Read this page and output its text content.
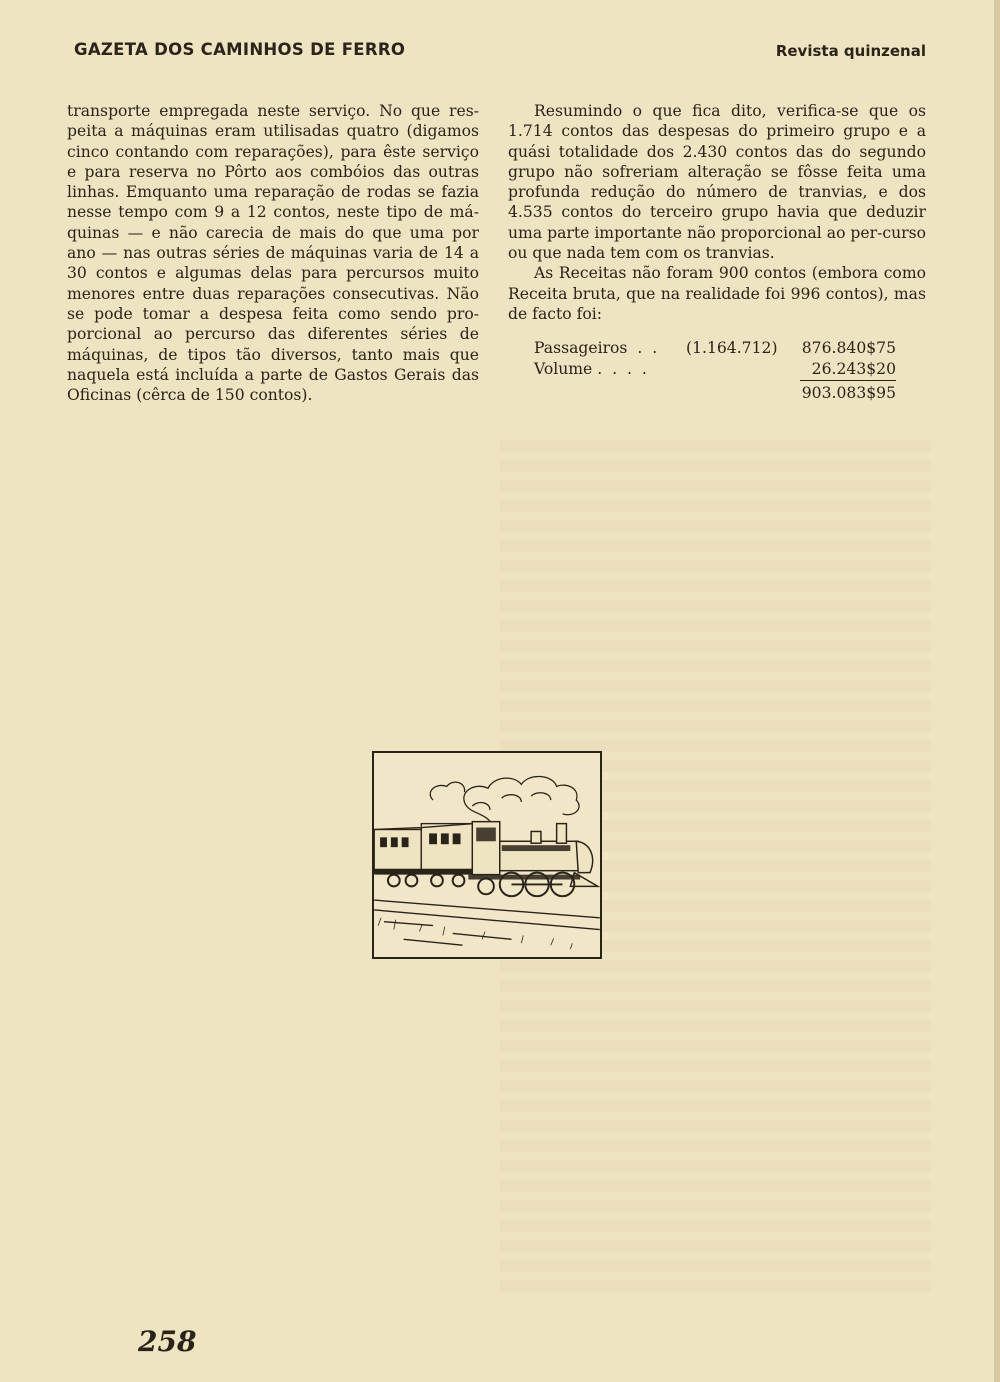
GAZETA DOS CAMINHOS DE FERRO	Revista quinzenal

transporte empregada neste serviço. No que res-peita a máquinas eram utilisadas quatro (digamos cinco contando com reparações), para êste serviço e para reserva no Pôrto aos combóios das outras linhas. Emquanto uma reparação de rodas se fazia nesse tempo com 9 a 12 contos, neste tipo de má-quinas — e não carecia de mais do que uma por ano — nas outras séries de máquinas varia de 14 a 30 contos e algumas delas para percursos muito menores entre duas reparações consecutivas. Não se pode tomar a despesa feita como sendo pro-porcional ao percurso das diferentes séries de máquinas, de tipos tão diversos, tanto mais que naquela está incluída a parte de Gastos Gerais das Oficinas (cêrca de 150 contos).

Resumindo o que fica dito, verifica-se que os 1.714 contos das despesas do primeiro grupo e a quási totalidade dos 2.430 contos das do segundo grupo não sofreriam alteração se fôsse feita uma profunda redução do número de tranvias, e dos 4.535 contos do terceiro grupo havia que deduzir uma parte importante não proporcional ao per-curso ou que nada tem com os tranvias.

As Receitas não foram 900 contos (embora como Receita bruta, que na realidade foi 996 contos), mas de facto foi:

Passageiros  .  .	(1.164.712)	876.840$75
Volume .  .  .  .	26.243$20
903.083$95
258
